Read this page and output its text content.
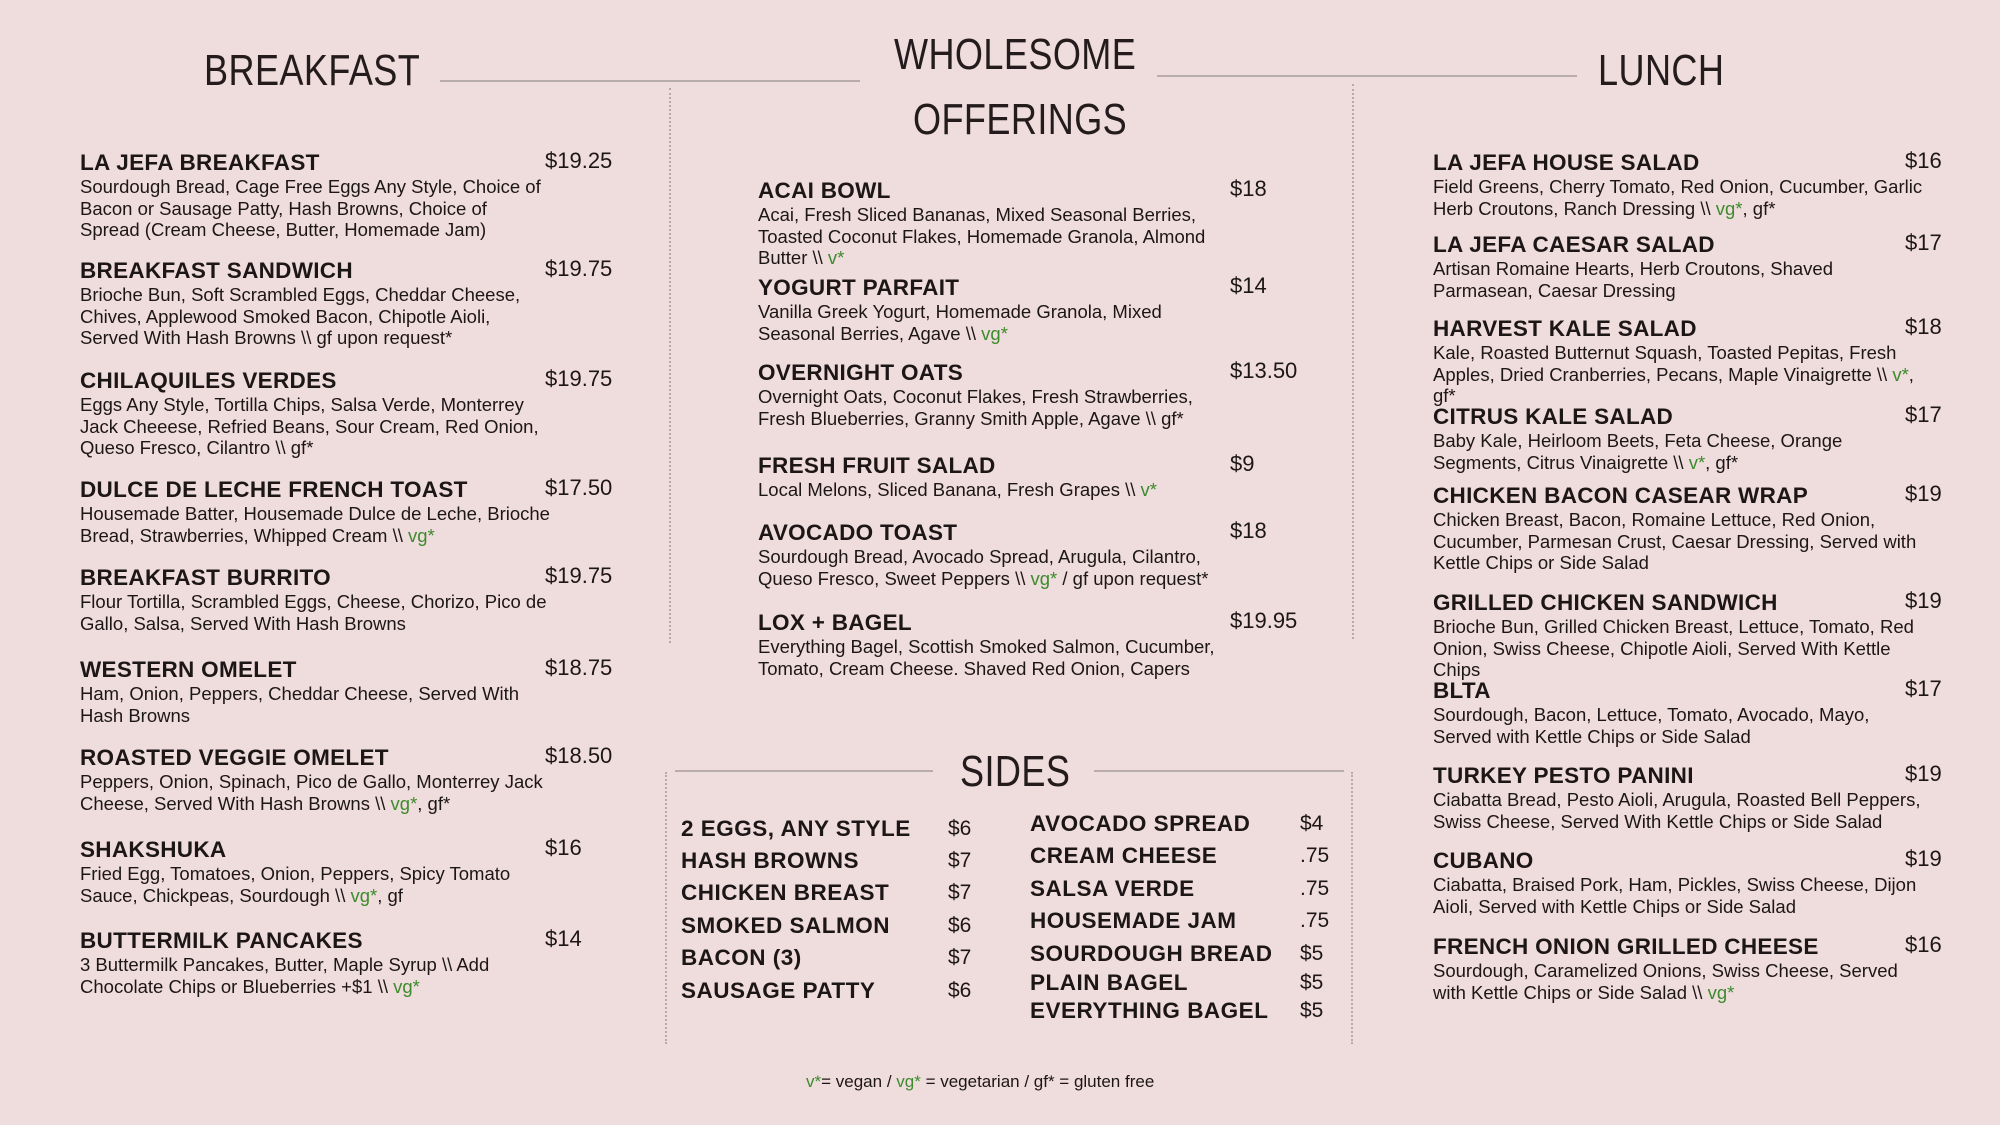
BREAKFAST	WHOLESOME
OFFERINGS
LUNCH
SIDES
LA JEFA BREAKFAST
Sourdough Bread, Cage Free Eggs Any Style, Choice of Bacon or Sausage Patty, Hash Browns, Choice of Spread (Cream Cheese, Butter, Homemade Jam)
$19.25
BREAKFAST SANDWICH
Brioche Bun, Soft Scrambled Eggs, Cheddar Cheese, Chives, Applewood Smoked Bacon, Chipotle Aioli, Served With Hash Browns \\ gf upon request*
$19.75
CHILAQUILES VERDES
Eggs Any Style, Tortilla Chips, Salsa Verde, Monterrey Jack Cheeese, Refried Beans, Sour Cream, Red Onion, Queso Fresco, Cilantro \\ gf*
$19.75
DULCE DE LECHE FRENCH TOAST
Housemade Batter, Housemade Dulce de Leche, Brioche Bread, Strawberries, Whipped Cream \\ vg*
$17.50
BREAKFAST BURRITO
Flour Tortilla, Scrambled Eggs, Cheese, Chorizo, Pico de Gallo, Salsa, Served With Hash Browns
$19.75
WESTERN OMELET
Ham, Onion, Peppers, Cheddar Cheese, Served With Hash Browns
$18.75
ROASTED VEGGIE OMELET
Peppers, Onion, Spinach, Pico de Gallo, Monterrey Jack Cheese, Served With Hash Browns \\ vg*, gf*
$18.50
SHAKSHUKA
Fried Egg, Tomatoes, Onion, Peppers, Spicy Tomato Sauce, Chickpeas, Sourdough \\ vg*, gf
$16
BUTTERMILK PANCAKES
3 Buttermilk Pancakes, Butter, Maple Syrup \\ Add Chocolate Chips or Blueberries +$1 \\ vg*
$14
ACAI BOWL
Acai, Fresh Sliced Bananas, Mixed Seasonal Berries, Toasted Coconut Flakes, Homemade Granola, Almond Butter \\ v*
$18
YOGURT PARFAIT
Vanilla Greek Yogurt, Homemade Granola, Mixed Seasonal Berries, Agave \\ vg*
$14
OVERNIGHT OATS
Overnight Oats, Coconut Flakes, Fresh Strawberries, Fresh Blueberries, Granny Smith Apple, Agave \\ gf*
$13.50
FRESH FRUIT SALAD
Local Melons, Sliced Banana, Fresh Grapes \\ v*
$9
AVOCADO TOAST
Sourdough Bread, Avocado Spread, Arugula, Cilantro, Queso Fresco, Sweet Peppers \\ vg* / gf upon request*
$18
LOX + BAGEL
Everything Bagel, Scottish Smoked Salmon, Cucumber, Tomato, Cream Cheese. Shaved Red Onion, Capers
$19.95
LA JEFA HOUSE SALAD
Field Greens, Cherry Tomato, Red Onion, Cucumber, Garlic Herb Croutons, Ranch Dressing \\ vg*, gf*
$16
LA JEFA CAESAR SALAD
Artisan Romaine Hearts, Herb Croutons, Shaved Parmasean, Caesar Dressing
$17
HARVEST KALE SALAD
Kale, Roasted Butternut Squash, Toasted Pepitas, Fresh Apples, Dried Cranberries, Pecans, Maple Vinaigrette \\ v*, gf*
$18
CITRUS KALE SALAD
Baby Kale, Heirloom Beets, Feta Cheese, Orange Segments, Citrus Vinaigrette \\ v*, gf*
$17
CHICKEN BACON CASEAR WRAP
Chicken Breast, Bacon, Romaine Lettuce, Red Onion, Cucumber, Parmesan Crust, Caesar Dressing, Served with Kettle Chips or Side Salad
$19
GRILLED CHICKEN SANDWICH
Brioche Bun, Grilled Chicken Breast, Lettuce, Tomato, Red Onion, Swiss Cheese, Chipotle Aioli, Served With Kettle Chips
$19
BLTA
Sourdough, Bacon, Lettuce, Tomato, Avocado, Mayo, Served with Kettle Chips or Side Salad
$17
TURKEY PESTO PANINI
Ciabatta Bread, Pesto Aioli, Arugula, Roasted Bell Peppers, Swiss Cheese, Served With Kettle Chips or Side Salad
$19
CUBANO
Ciabatta, Braised Pork, Ham, Pickles, Swiss Cheese, Dijon Aioli, Served with Kettle Chips or Side Salad
$19
FRENCH ONION GRILLED CHEESE
Sourdough, Caramelized Onions, Swiss Cheese, Served with Kettle Chips or Side Salad \\ vg*
$16
2 EGGS, ANY STYLE $6
HASH BROWNS	$7
CHICKEN BREAST	$7
SMOKED SALMON	$6
BACON (3)	$7
SAUSAGE PATTY	$6
AVOCADO SPREAD $4
CREAM CHEESE	.75
SALSA VERDE	.75
HOUSEMADE JAM	.75
SOURDOUGH BREAD $5
PLAIN BAGEL	$5
EVERYTHING BAGEL $5
v*= vegan / vg* = vegetarian / gf* = gluten free
